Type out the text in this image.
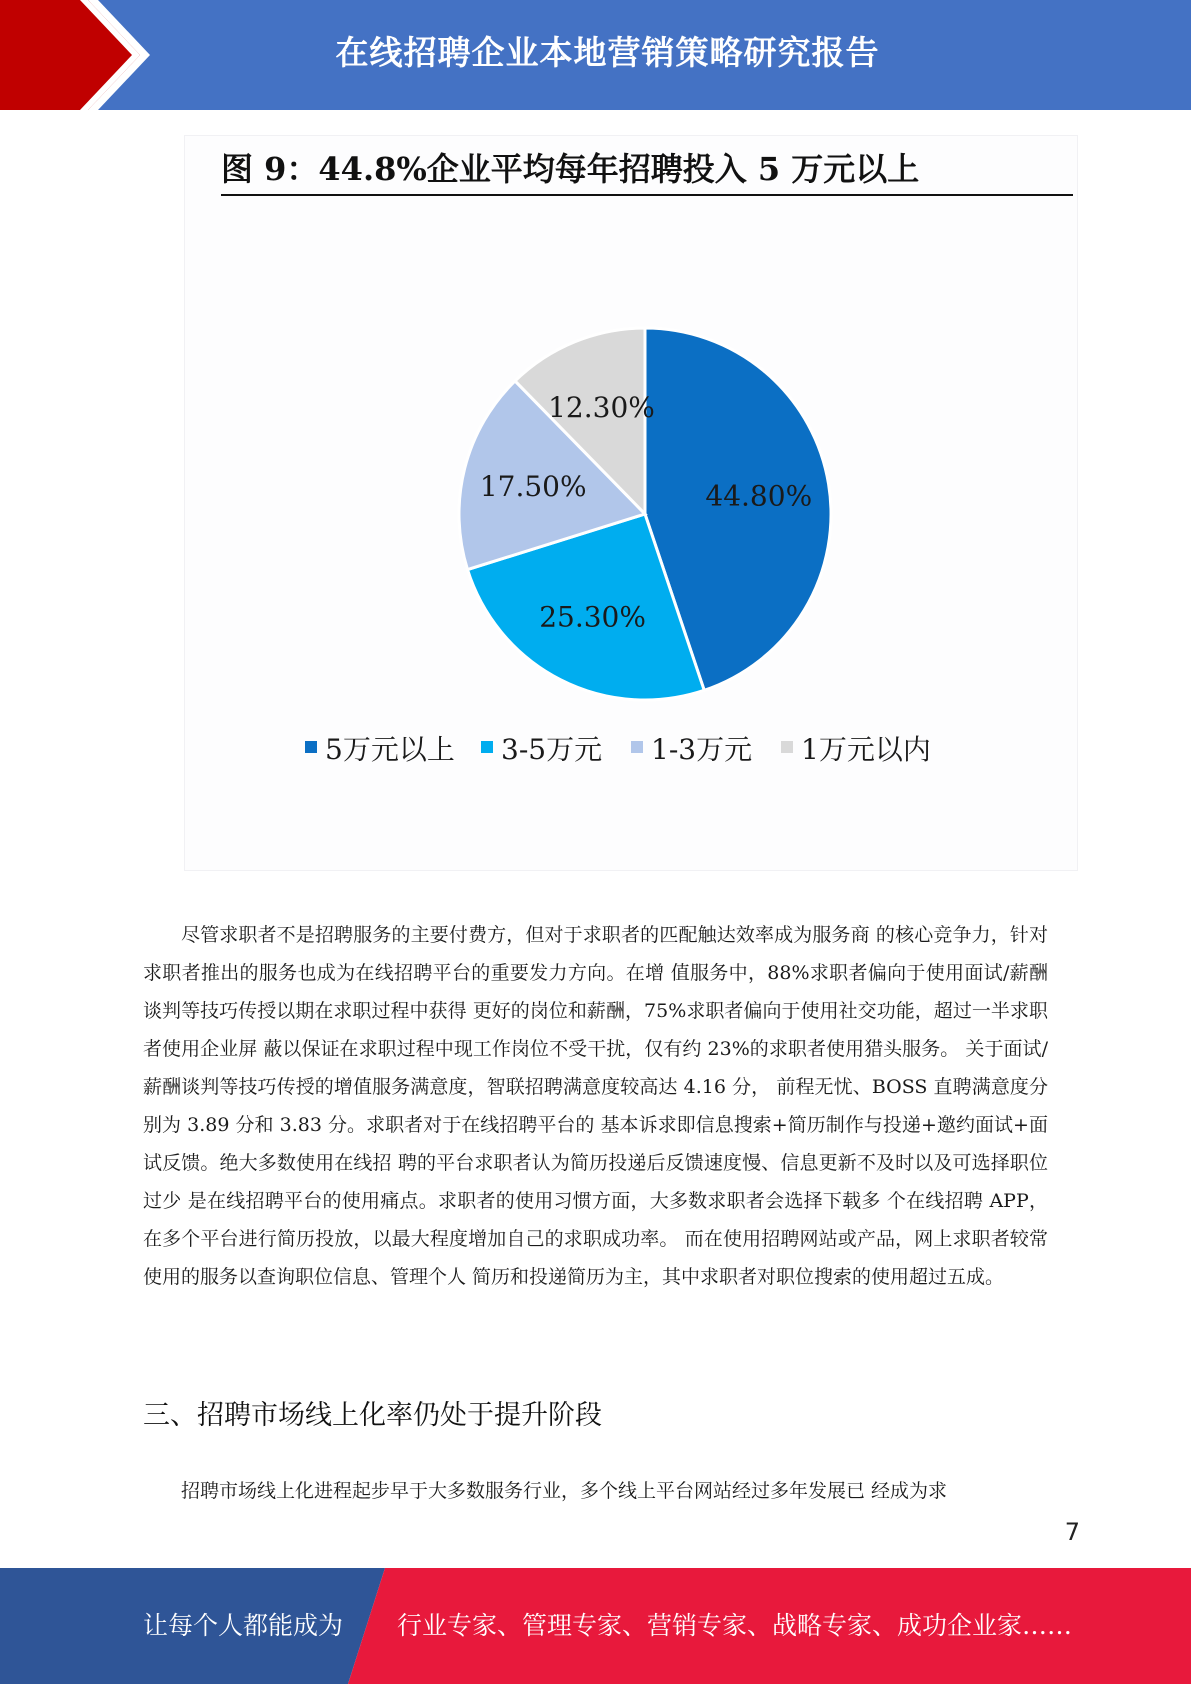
在线招聘企业本地营销策略研究报告
图 9：44.8%企业平均每年招聘投入 5 万元以上
44.80%
25.30%
17.50%
12.30%
5万元以上 3-5万元 1-3万元 1万元以内

尽管求职者不是招聘服务的主要付费方，但对于求职者的匹配触达效率成为服务商 的核心竞争力，针对求职者推出的服务也成为在线招聘平台的重要发力方向。在增 值服务中，88%求职者偏向于使用面试/薪酬谈判等技巧传授以期在求职过程中获得 更好的岗位和薪酬，75%求职者偏向于使用社交功能，超过一半求职者使用企业屏 蔽以保证在求职过程中现工作岗位不受干扰，仅有约 23%的求职者使用猎头服务。 关于面试/薪酬谈判等技巧传授的增值服务满意度，智联招聘满意度较高达 4.16 分， 前程无忧、BOSS 直聘满意度分别为 3.89 分和 3.83 分。求职者对于在线招聘平台的 基本诉求即信息搜索+简历制作与投递+邀约面试+面试反馈。绝大多数使用在线招 聘的平台求职者认为简历投递后反馈速度慢、信息更新不及时以及可选择职位过少 是在线招聘平台的使用痛点。求职者的使用习惯方面，大多数求职者会选择下载多 个在线招聘 APP，在多个平台进行简历投放，以最大程度增加自己的求职成功率。 而在使用招聘网站或产品，网上求职者较常使用的服务以查询职位信息、管理个人 简历和投递简历为主，其中求职者对职位搜索的使用超过五成。

三、招聘市场线上化率仍处于提升阶段

招聘市场线上化进程起步早于大多数服务行业，多个线上平台网站经过多年发展已 经成为求

7
让每个人都能成为 行业专家、管理专家、营销专家、战略专家、成功企业家……
